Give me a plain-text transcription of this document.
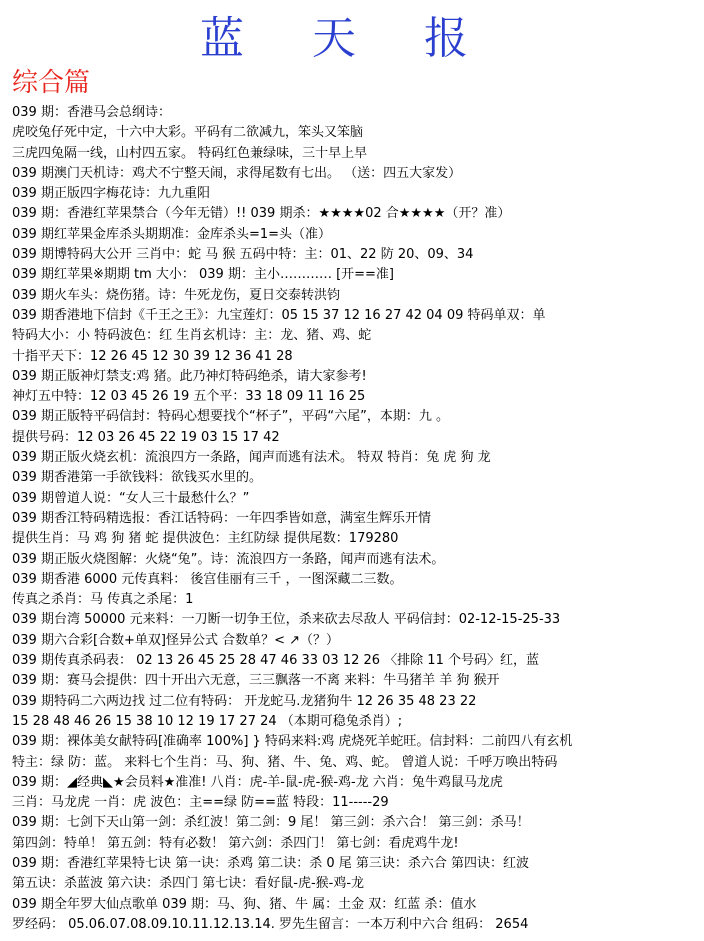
蓝 天 报
综合篇
039 期：香港马会总纲诗：
虎咬兔仔死中定，十六中大彩。平码有二欲减九，笨头又笨脑
三虎四兔隔一线，山村四五家。 特码红色兼绿味，三十早上早
039 期澳门天机诗：鸡犬不宁整天闹，求得尾数有七出。 （送：四五大家发）
039 期正版四字梅花诗：九九重阳
039 期：香港红苹果禁合（今年无错）!! 039 期杀：★★★★02 合★★★★（开？准）
039 期红苹果金库杀头期期准：金库杀头=1=头（准）
039 期博特码大公开 三肖中：蛇 马 猴 五码中特：主：01、22 防 20、09、34
039 期红苹果※期期 tm 大小： 039 期：主小………… [开==准]
039 期火车头：烧伤猪。诗：牛死龙伤，夏日交泰转洪钧
039 期香港地下信封《千王之王》：九宝莲灯：05 15 37 12 16 27 42 04 09 特码单双：单
特码大小：小 特码波色：红 生肖玄机诗：主：龙、猪、鸡、蛇
十指平天下：12 26 45 12 30 39 12 36 41 28
039 期正版神灯禁支:鸡 猪。此乃神灯特码绝杀，请大家参考!
神灯五中特：12 03 45 26 19 五个平：33 18 09 11 16 25
039 期正版特平码信封：特码心想要找个“杯子”，平码“六尾”，本期：九 。
提供号码：12 03 26 45 22 19 03 15 17 42
039 期正版火烧玄机：流浪四方一条路，闻声而逃有法术。 特双 特肖：兔 虎 狗 龙
039 期香港第一手欲钱料：欲钱买水里的。
039 期曾道人说：“女人三十最愁什么？”
039 期香江特码精选报：香江话特码：一年四季皆如意，满室生辉乐开情
提供生肖：马 鸡 狗 猪 蛇 提供波色：主红防绿 提供尾数：179280
039 期正版火烧图解：火烧“兔”。诗：流浪四方一条路，闻声而逃有法术。
039 期香港 6000 元传真料： 後宫佳丽有三千 ，一图深藏二三数。
传真之杀肖：马 传真之杀尾：1
039 期台湾 50000 元来料：一刀断一切争王位，杀来砍去尽敌人 平码信封：02-12-15-25-33
039 期六合彩[合数+单双]怪异公式 合数单？< ↗（？）
039 期传真杀码表： 02 13 26 45 25 28 47 46 33 03 12 26 〈排除 11 个号码〉红，蓝
039 期：赛马会提供：四十开出六无意，三三飘落一不离 来料：牛马猪羊 羊 狗 猴开
039 期特码二六两边找 过二位有特码： 开龙蛇马.龙猪狗牛 12 26 35 48 23 22
15 28 48 46 26 15 38 10 12 19 17 27 24 （本期可稳兔杀肖）;
039 期：裸体美女献特码[准确率 100%] } 特码来料:鸡 虎烧死羊蛇旺。信封料：二前四八有玄机
特主：绿 防：蓝。 来料七个生肖：马、狗、猪、牛、兔、鸡、蛇。 曾道人说：千呼万唤出特码
039 期：◢经典◣★会员料★准准! 八肖：虎-羊-鼠-虎-猴-鸡-龙 六肖：兔牛鸡鼠马龙虎
三肖：马龙虎 一肖：虎 波色：主==绿 防==蓝 特段：11-----29
039 期：七剑下天山第一剑：杀红波！第二剑：9 尾！ 第三剑：杀六合！ 第三剑：杀马！
第四剑：特单！ 第五剑：特有必数！ 第六剑：杀四门！ 第七剑：看虎鸡牛龙!
039 期：香港红苹果特七诀 第一诀：杀鸡 第二诀：杀 0 尾 第三诀：杀六合 第四诀：红波
第五诀：杀蓝波 第六诀：杀四门 第七诀：看好鼠-虎-猴-鸡-龙
039 期全年罗大仙点歌单 039 期：马、狗、猪、牛 属：土金 双：红蓝 杀：值水
罗经码： 05.06.07.08.09.10.11.12.13.14. 罗先生留言：一本万利中六合 组码： 2654
